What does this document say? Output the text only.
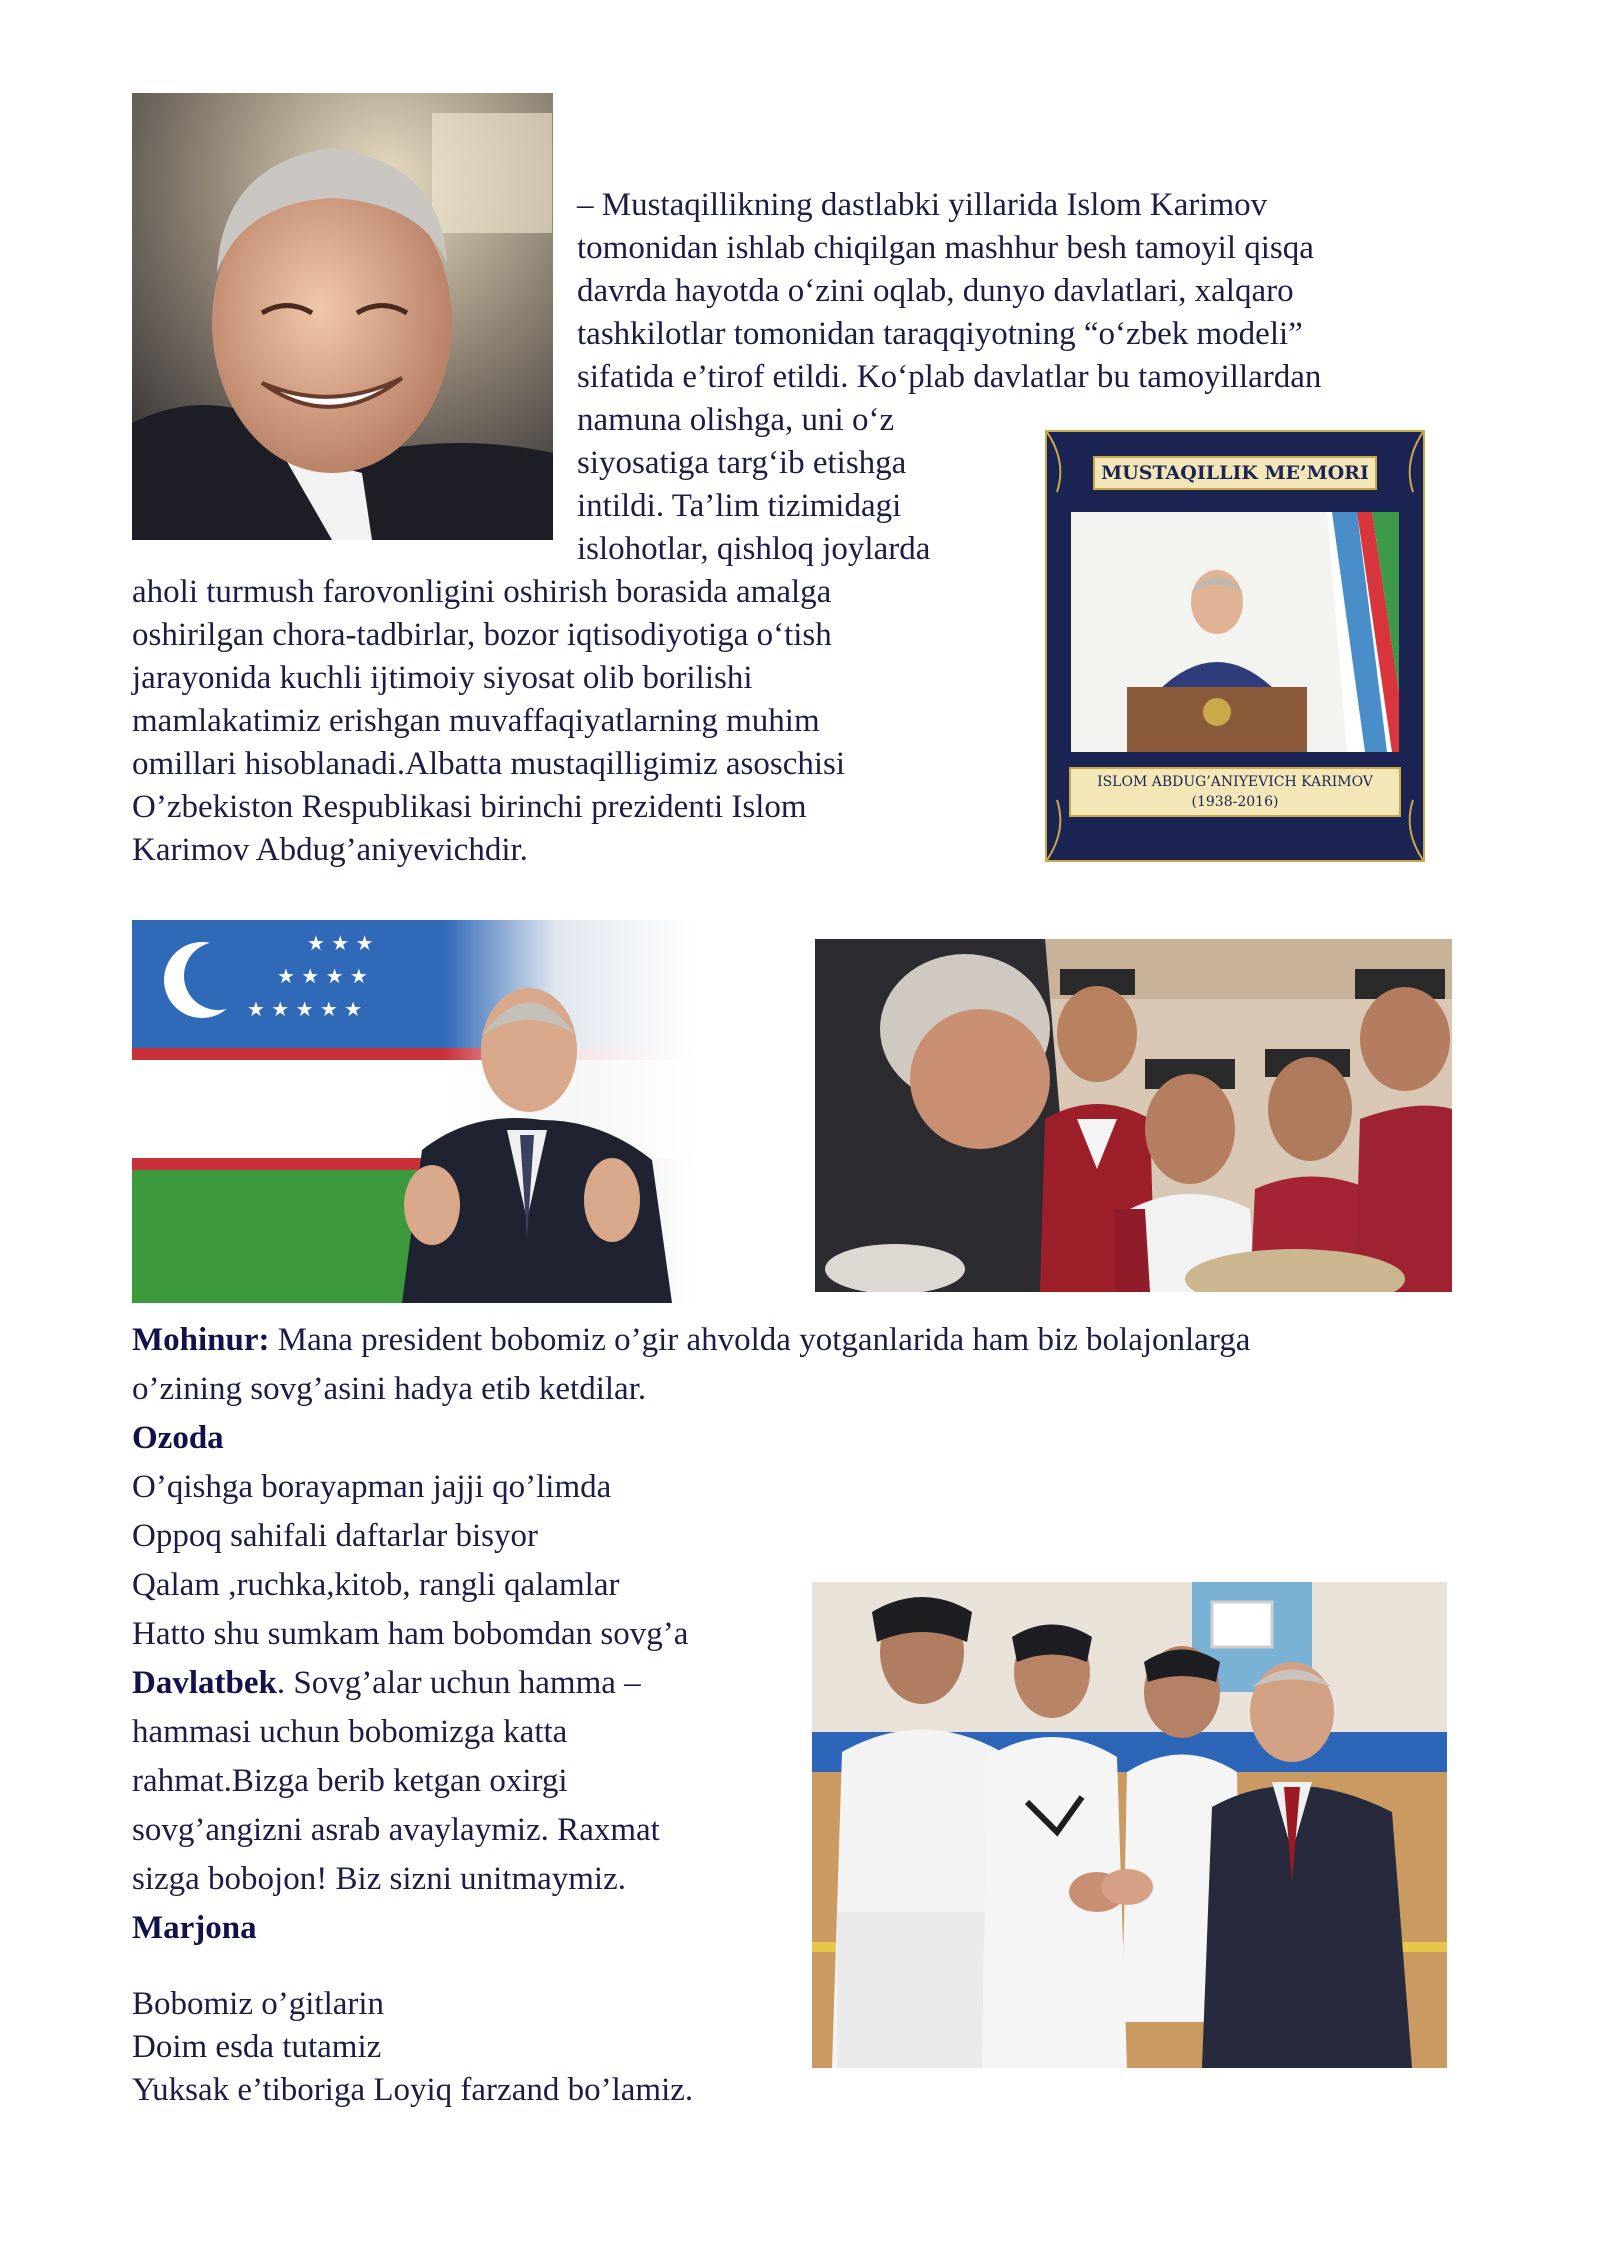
– Mustaqillikning dastlabki yillarida Islom Karimov
tomonidan ishlab chiqilgan mashhur besh tamoyil qisqa
davrda hayotda o‘zini oqlab, dunyo davlatlari, xalqaro
tashkilotlar tomonidan taraqqiyotning “o‘zbek modeli”
sifatida e’tirof etildi. Ko‘plab davlatlar bu tamoyillardan
namuna olishga, uni o‘z
siyosatiga targ‘ib etishga
intildi. Ta’lim tizimidagi
islohotlar, qishloq joylarda
aholi turmush farovonligini oshirish borasida amalga
oshirilgan chora-tadbirlar, bozor iqtisodiyotiga o‘tish
jarayonida kuchli ijtimoiy siyosat olib borilishi
mamlakatimiz erishgan muvaffaqiyatlarning muhim
omillari hisoblanadi.Albatta mustaqilligimiz asoschisi
O’zbekiston Respublikasi birinchi prezidenti Islom
Karimov Abdug’aniyevichdir.
MUSTAQILLIK ME’MORI
ISLOM ABDUG’ANIYEVICH KARIMOV
(1938-2016)
Mohinur: Mana president bobomiz o’gir ahvolda yotganlarida ham biz bolajonlarga
o’zining sovg’asini hadya etib ketdilar.
Ozoda
O’qishga borayapman jajji qo’limda
Oppoq sahifali daftarlar bisyor
Qalam ,ruchka,kitob, rangli qalamlar
Hatto shu sumkam ham bobomdan sovg’a
Davlatbek. Sovg’alar uchun hamma –
hammasi uchun bobomizga katta
rahmat.Bizga berib ketgan oxirgi
sovg’angizni asrab avaylaymiz. Raxmat
sizga bobojon! Biz sizni unitmaymiz.
Marjona
Bobomiz o’gitlarin
Doim esda tutamiz
Yuksak e’tiboriga Loyiq farzand bo’lamiz.
